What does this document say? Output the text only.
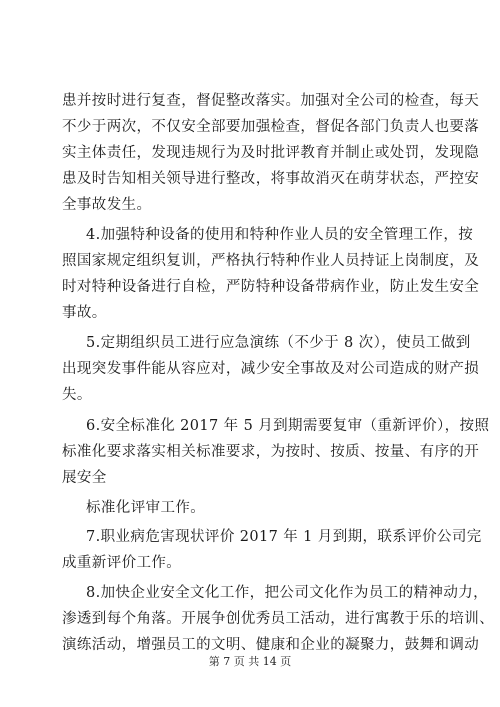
患并按时进行复查，督促整改落实。加强对全公司的检查，每天
不少于两次，不仅安全部要加强检查，督促各部门负责人也要落
实主体责任，发现违规行为及时批评教育并制止或处罚，发现隐
患及时告知相关领导进行整改，将事故消灭在萌芽状态，严控安
全事故发生。
4.加强特种设备的使用和特种作业人员的安全管理工作，按
照国家规定组织复训，严格执行特种作业人员持证上岗制度，及
时对特种设备进行自检，严防特种设备带病作业，防止发生安全
事故。
5.定期组织员工进行应急演练（不少于 8 次），使员工做到
出现突发事件能从容应对，减少安全事故及对公司造成的财产损
失。
6.安全标准化 2017 年 5 月到期需要复审（重新评价），按照
标准化要求落实相关标准要求，为按时、按质、按量、有序的开
展安全
标准化评审工作。
7.职业病危害现状评价 2017 年 1 月到期，联系评价公司完
成重新评价工作。
8.加快企业安全文化工作，把公司文化作为员工的精神动力，
渗透到每个角落。开展争创优秀员工活动，进行寓教于乐的培训、
演练活动，增强员工的文明、健康和企业的凝聚力，鼓舞和调动
第 7 页 共 14 页
